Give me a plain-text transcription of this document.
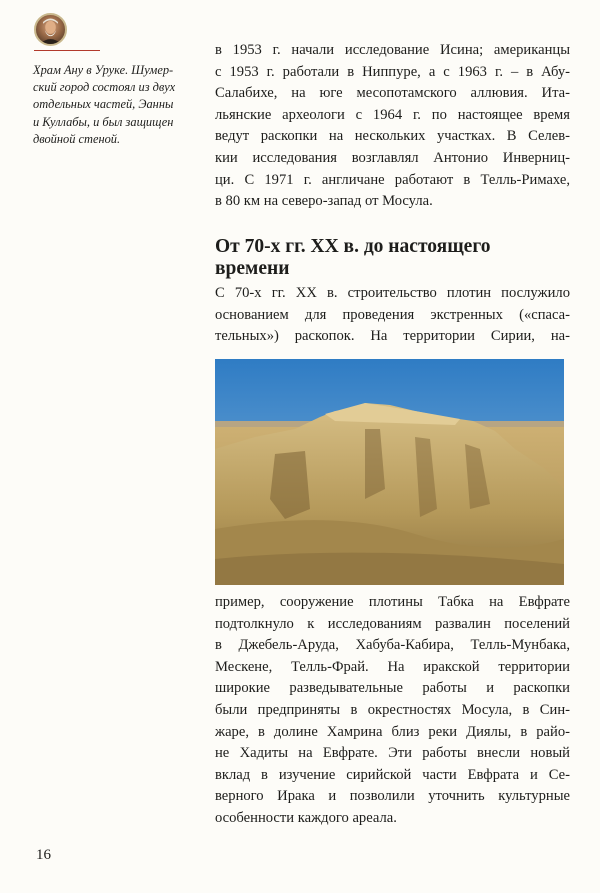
Храм Ану в Уруке. Шумер-
ский город состоял из двух
отдельных частей, Эанны
и Куллабы, и был защищен
двойной стеной.

в 1953 г. начали исследование Исина; американцы
с 1953 г. работали в Ниппуре, а с 1963 г. – в Абу-
Салабихе, на юге месопотамского аллювия. Ита-
льянские археологи с 1964 г. по настоящее время
ведут раскопки на нескольких участках. В Селев-
кии исследования возглавлял Антонио Инверниц-
ци. С 1971 г. англичане работают в Телль-Римахе,
в 80 км на северо-запад от Мосула.

От 70-х гг. XX в. до настоящего
времени

С 70-х гг. XX в. строительство плотин послужило
основанием для проведения экстренных («спаса-
тельных») раскопок. На территории Сирии, на-

пример, сооружение плотины Табка на Евфрате
подтолкнуло к исследованиям развалин поселений
в Джебель-Аруда, Хабуба-Кабира, Телль-Мунбака,
Мескене, Телль-Фрай. На иракской территории
широкие разведывательные работы и раскопки
были предприняты в окрестностях Мосула, в Син-
жаре, в долине Хамрина близ реки Диялы, в райо-
не Хадиты на Евфрате. Эти работы внесли новый
вклад в изучение сирийской части Евфрата и Се-
верного Ирака и позволили уточнить культурные
особенности каждого ареала.

16
